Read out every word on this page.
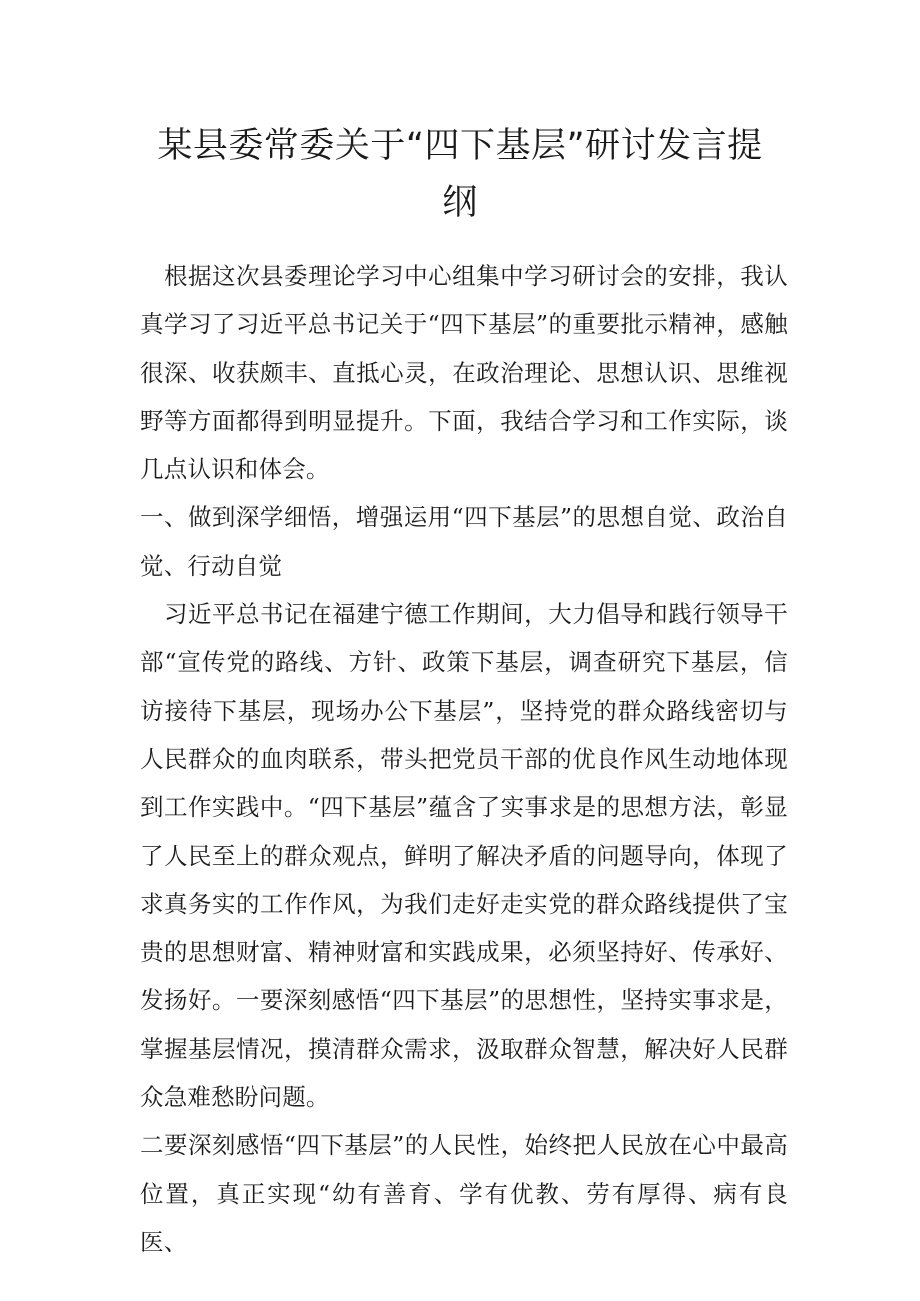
某县委常委关于“四下基层”研讨发言提纲

根据这次县委理论学习中心组集中学习研讨会的安排，我认真学习了习近平总书记关于“四下基层”的重要批示精神，感触很深、收获颇丰、直抵心灵，在政治理论、思想认识、思维视野等方面都得到明显提升。下面，我结合学习和工作实际，谈几点认识和体会。

一、做到深学细悟，增强运用“四下基层”的思想自觉、政治自觉、行动自觉

习近平总书记在福建宁德工作期间，大力倡导和践行领导干部“宣传党的路线、方针、政策下基层，调查研究下基层，信访接待下基层，现场办公下基层”，坚持党的群众路线密切与人民群众的血肉联系，带头把党员干部的优良作风生动地体现到工作实践中。“四下基层”蕴含了实事求是的思想方法，彰显了人民至上的群众观点，鲜明了解决矛盾的问题导向，体现了求真务实的工作作风，为我们走好走实党的群众路线提供了宝贵的思想财富、精神财富和实践成果，必须坚持好、传承好、发扬好。一要深刻感悟“四下基层”的思想性，坚持实事求是，掌握基层情况，摸清群众需求，汲取群众智慧，解决好人民群众急难愁盼问题。

二要深刻感悟“四下基层”的人民性，始终把人民放在心中最高位置，真正实现“幼有善育、学有优教、劳有厚得、病有良医、
